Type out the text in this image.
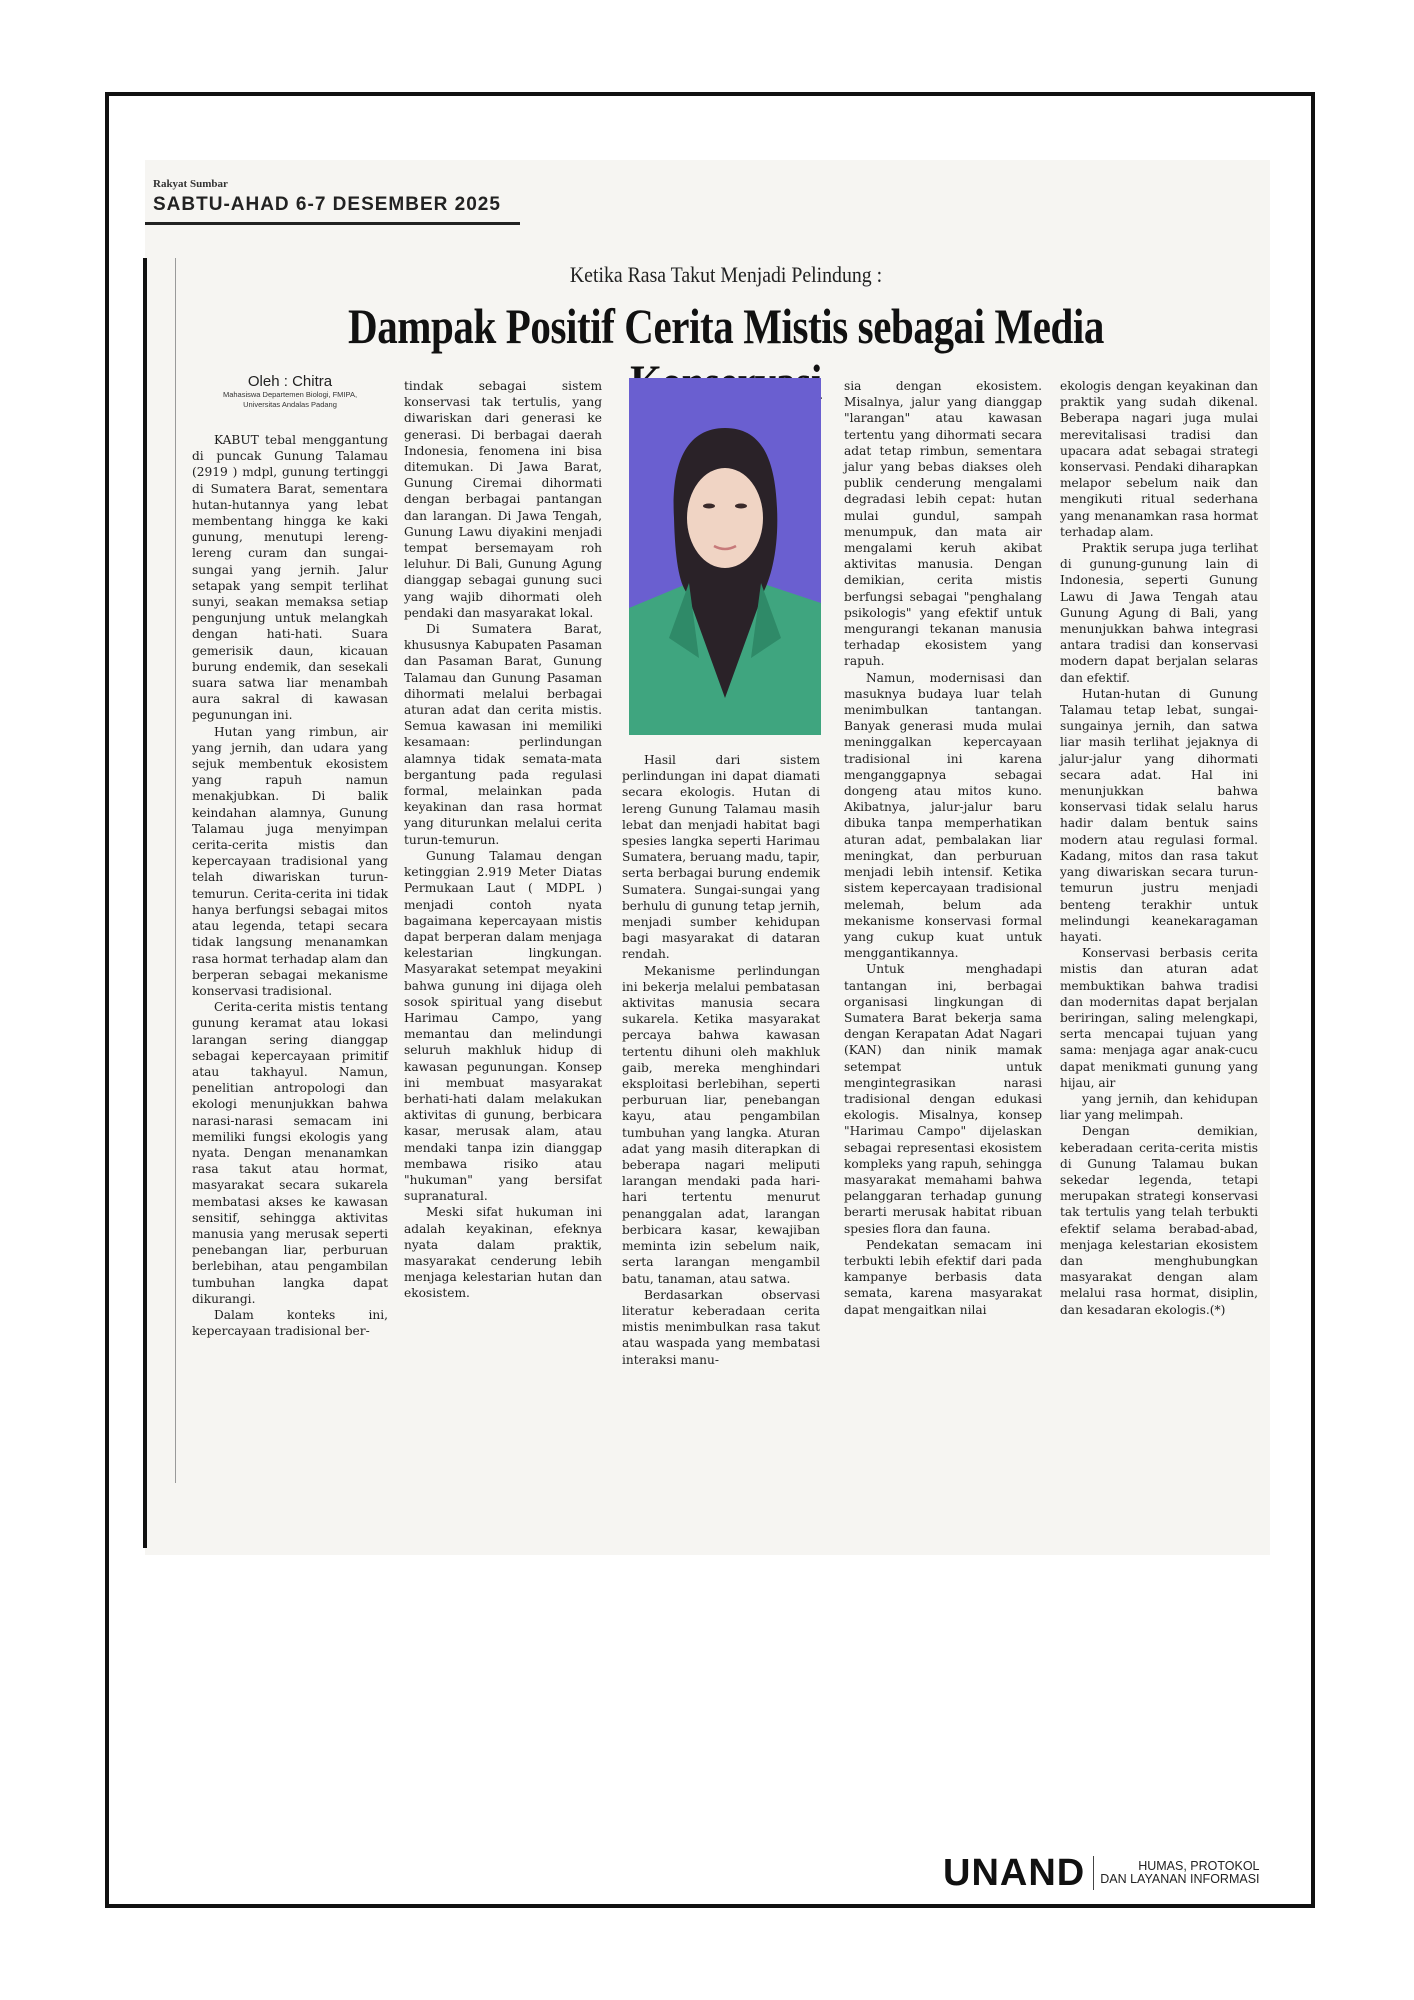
Rakyat Sumbar
SABTU-AHAD 6-7 DESEMBER 2025
Ketika Rasa Takut Menjadi Pelindung :
Dampak Positif Cerita Mistis sebagai Media
Oleh : Chitra
Mahasiswa Departemen Biologi, FMIPA,
Universitas Andalas Padang

KABUT tebal menggantung di puncak Gunung Talamau (2919 ) mdpl, gunung tertinggi di Sumatera Barat, sementara hutan-hutannya yang lebat membentang hingga ke kaki gunung, menutupi lereng-lereng curam dan sungai-sungai yang jernih. Jalur setapak yang sempit terlihat sunyi, seakan memaksa setiap pengunjung untuk melangkah dengan hati-hati. Suara gemerisik daun, kicauan burung endemik, dan sesekali suara satwa liar menambah aura sakral di kawasan pegunungan ini.

Hutan yang rimbun, air yang jernih, dan udara yang sejuk membentuk ekosistem yang rapuh namun menakjubkan. Di balik keindahan alamnya, Gunung Talamau juga menyimpan cerita-cerita mistis dan kepercayaan tradisional yang telah diwariskan turun-temurun. Cerita-cerita ini tidak hanya berfungsi sebagai mitos atau legenda, tetapi secara tidak langsung menanamkan rasa hormat terhadap alam dan berperan sebagai mekanisme konservasi tradisional.

Cerita-cerita mistis tentang gunung keramat atau lokasi larangan sering dianggap sebagai kepercayaan primitif atau takhayul. Namun, penelitian antropologi dan ekologi menunjukkan bahwa narasi-narasi semacam ini memiliki fungsi ekologis yang nyata. Dengan menanamkan rasa takut atau hormat, masyarakat secara sukarela membatasi akses ke kawasan sensitif, sehingga aktivitas manusia yang merusak seperti penebangan liar, perburuan berlebihan, atau pengambilan tumbuhan langka dapat dikurangi.

Dalam konteks ini, kepercayaan tradisional ber-

tindak sebagai sistem konservasi tak tertulis, yang diwariskan dari generasi ke generasi. Di berbagai daerah Indonesia, fenomena ini bisa ditemukan. Di Jawa Barat, Gunung Ciremai dihormati dengan berbagai pantangan dan larangan. Di Jawa Tengah, Gunung Lawu diyakini menjadi tempat bersemayam roh leluhur. Di Bali, Gunung Agung dianggap sebagai gunung suci yang wajib dihormati oleh pendaki dan masyarakat lokal.

Di Sumatera Barat, khususnya Kabupaten Pasaman dan Pasaman Barat, Gunung Talamau dan Gunung Pasaman dihormati melalui berbagai aturan adat dan cerita mistis. Semua kawasan ini memiliki kesamaan: perlindungan alamnya tidak semata-mata bergantung pada regulasi formal, melainkan pada keyakinan dan rasa hormat yang diturunkan melalui cerita turun-temurun.

Gunung Talamau dengan ketinggian 2.919 Meter Diatas Permukaan Laut ( MDPL ) menjadi contoh nyata bagaimana kepercayaan mistis dapat berperan dalam menjaga kelestarian lingkungan. Masyarakat setempat meyakini bahwa gunung ini dijaga oleh sosok spiritual yang disebut Harimau Campo, yang memantau dan melindungi seluruh makhluk hidup di kawasan pegunungan. Konsep ini membuat masyarakat berhati-hati dalam melakukan aktivitas di gunung, berbicara kasar, merusak alam, atau mendaki tanpa izin dianggap membawa risiko atau "hukuman" yang bersifat supranatural.

Meski sifat hukuman ini adalah keyakinan, efeknya nyata dalam praktik, masyarakat cenderung lebih menjaga kelestarian hutan dan ekosistem.

Hasil dari sistem perlindungan ini dapat diamati secara ekologis. Hutan di lereng Gunung Talamau masih lebat dan menjadi habitat bagi spesies langka seperti Harimau Sumatera, beruang madu, tapir, serta berbagai burung endemik Sumatera. Sungai-sungai yang berhulu di gunung tetap jernih, menjadi sumber kehidupan bagi masyarakat di dataran rendah.

Mekanisme perlindungan ini bekerja melalui pembatasan aktivitas manusia secara sukarela. Ketika masyarakat percaya bahwa kawasan tertentu dihuni oleh makhluk gaib, mereka menghindari eksploitasi berlebihan, seperti perburuan liar, penebangan kayu, atau pengambilan tumbuhan yang langka. Aturan adat yang masih diterapkan di beberapa nagari meliputi larangan mendaki pada hari-hari tertentu menurut penanggalan adat, larangan berbicara kasar, kewajiban meminta izin sebelum naik, serta larangan mengambil batu, tanaman, atau satwa.

Berdasarkan observasi literatur keberadaan cerita mistis menimbulkan rasa takut atau waspada yang membatasi interaksi manu-

sia dengan ekosistem. Misalnya, jalur yang dianggap "larangan" atau kawasan tertentu yang dihormati secara adat tetap rimbun, sementara jalur yang bebas diakses oleh publik cenderung mengalami degradasi lebih cepat: hutan mulai gundul, sampah menumpuk, dan mata air mengalami keruh akibat aktivitas manusia. Dengan demikian, cerita mistis berfungsi sebagai "penghalang psikologis" yang efektif untuk mengurangi tekanan manusia terhadap ekosistem yang rapuh.

Namun, modernisasi dan masuknya budaya luar telah menimbulkan tantangan. Banyak generasi muda mulai meninggalkan kepercayaan tradisional ini karena menganggapnya sebagai dongeng atau mitos kuno. Akibatnya, jalur-jalur baru dibuka tanpa memperhatikan aturan adat, pembalakan liar meningkat, dan perburuan menjadi lebih intensif. Ketika sistem kepercayaan tradisional melemah, belum ada mekanisme konservasi formal yang cukup kuat untuk menggantikannya.

Untuk menghadapi tantangan ini, berbagai organisasi lingkungan di Sumatera Barat bekerja sama dengan Kerapatan Adat Nagari (KAN) dan ninik mamak setempat untuk mengintegrasikan narasi tradisional dengan edukasi ekologis. Misalnya, konsep "Harimau Campo" dijelaskan sebagai representasi ekosistem kompleks yang rapuh, sehingga masyarakat memahami bahwa pelanggaran terhadap gunung berarti merusak habitat ribuan spesies flora dan fauna.

Pendekatan semacam ini terbukti lebih efektif dari pada kampanye berbasis data semata, karena masyarakat dapat mengaitkan nilai

ekologis dengan keyakinan dan praktik yang sudah dikenal. Beberapa nagari juga mulai merevitalisasi tradisi dan upacara adat sebagai strategi konservasi. Pendaki diharapkan melapor sebelum naik dan mengikuti ritual sederhana yang menanamkan rasa hormat terhadap alam.

Praktik serupa juga terlihat di gunung-gunung lain di Indonesia, seperti Gunung Lawu di Jawa Tengah atau Gunung Agung di Bali, yang menunjukkan bahwa integrasi antara tradisi dan konservasi modern dapat berjalan selaras dan efektif.

Hutan-hutan di Gunung Talamau tetap lebat, sungai-sungainya jernih, dan satwa liar masih terlihat jejaknya di jalur-jalur yang dihormati secara adat. Hal ini menunjukkan bahwa konservasi tidak selalu harus hadir dalam bentuk sains modern atau regulasi formal. Kadang, mitos dan rasa takut yang diwariskan secara turun-temurun justru menjadi benteng terakhir untuk melindungi keanekaragaman hayati.

Konservasi berbasis cerita mistis dan aturan adat membuktikan bahwa tradisi dan modernitas dapat berjalan beriringan, saling melengkapi, serta mencapai tujuan yang sama: menjaga agar anak-cucu dapat menikmati gunung yang hijau, air

yang jernih, dan kehidupan liar yang melimpah.

Dengan demikian, keberadaan cerita-cerita mistis di Gunung Talamau bukan sekedar legenda, tetapi merupakan strategi konservasi tak tertulis yang telah terbukti efektif selama berabad-abad, menjaga kelestarian ekosistem dan menghubungkan masyarakat dengan alam melalui rasa hormat, disiplin, dan kesadaran ekologis.(*)

UNAND	HUMAS, PROTOKOL
DAN LAYANAN INFORMASI
